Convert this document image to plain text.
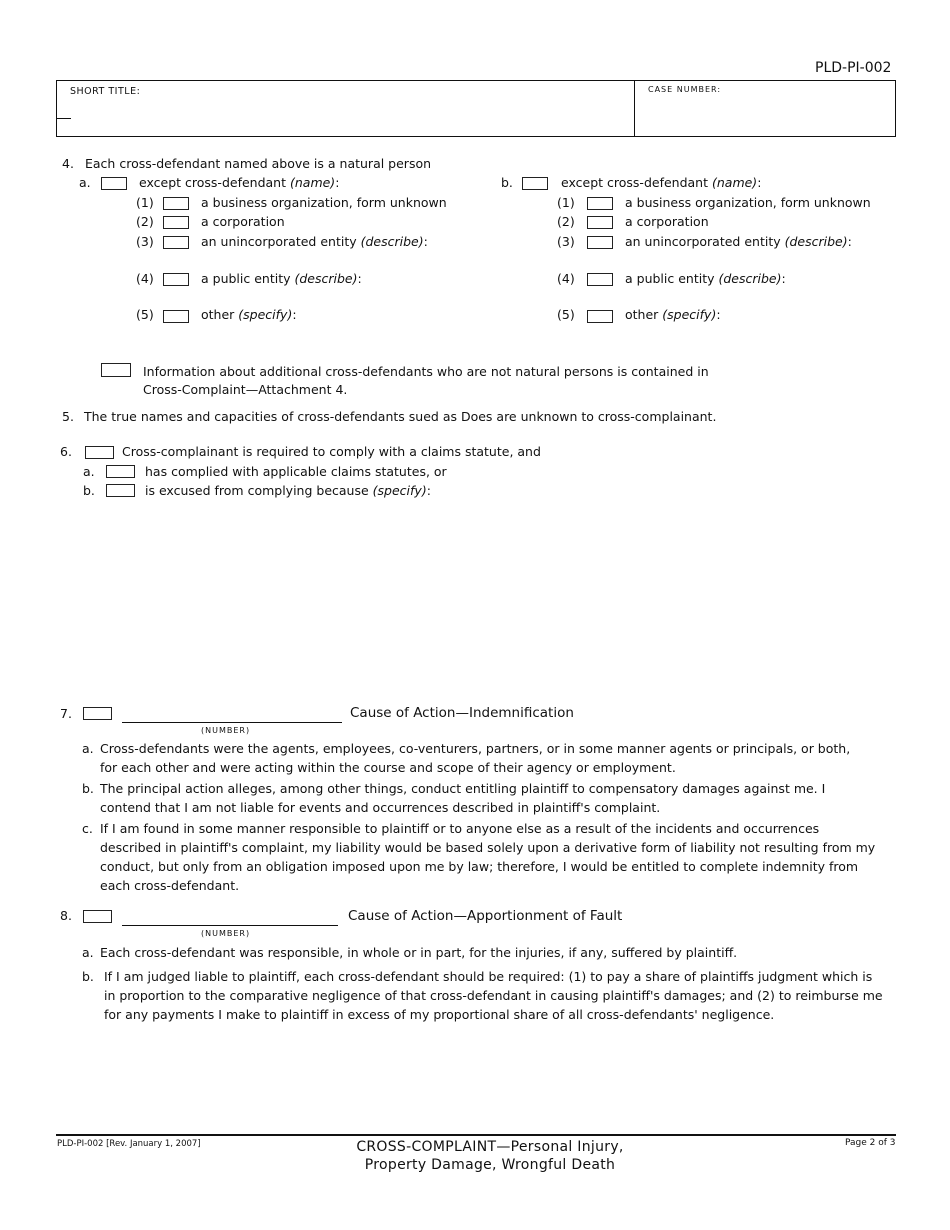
PLD-PI-002
SHORT TITLE:	CASE NUMBER:
4. Each cross-defendant named above is a natural person
a.	except cross-defendant (name):
(1)	a business organization, form unknown
(2)	a corporation
(3)	an unincorporated entity (describe):
(4)	a public entity (describe):
(5)	other (specify):
b.	except cross-defendant (name):
(1)	a business organization, form unknown
(2)	a corporation
(3)	an unincorporated entity (describe):
(4)	a public entity (describe):
(5)	other (specify):
Information about additional cross-defendants who are not natural persons is contained in
Cross-Complaint—Attachment 4.
5. The true names and capacities of cross-defendants sued as Does are unknown to cross-complainant.
6.	Cross-complainant is required to comply with a claims statute, and
a.	has complied with applicable claims statutes, or
b.	is excused from complying because (specify):
7.
(NUMBER)
Cause of Action—Indemnification
a. Cross-defendants were the agents, employees, co-venturers, partners, or in some manner agents or principals, or both,
for each other and were acting within the course and scope of their agency or employment.
b. The principal action alleges, among other things, conduct entitling plaintiff to compensatory damages against me. I
contend that I am not liable for events and occurrences described in plaintiff's complaint.
c. If I am found in some manner responsible to plaintiff or to anyone else as a result of the incidents and occurrences
described in plaintiff's complaint, my liability would be based solely upon a derivative form of liability not resulting from my
conduct, but only from an obligation imposed upon me by law; therefore, I would be entitled to complete indemnity from
each cross-defendant.
8.
(NUMBER)
Cause of Action—Apportionment of Fault
a. Each cross-defendant was responsible, in whole or in part, for the injuries, if any, suffered by plaintiff.
b. If I am judged liable to plaintiff, each cross-defendant should be required: (1) to pay a share of plaintiffs judgment which is
in proportion to the comparative negligence of that cross-defendant in causing plaintiff's damages; and (2) to reimburse me
for any payments I make to plaintiff in excess of my proportional share of all cross-defendants' negligence.
PLD-PI-002 [Rev. January 1, 2007]	CROSS-COMPLAINT—Personal Injury,
Property Damage, Wrongful Death
Page 2 of 3
